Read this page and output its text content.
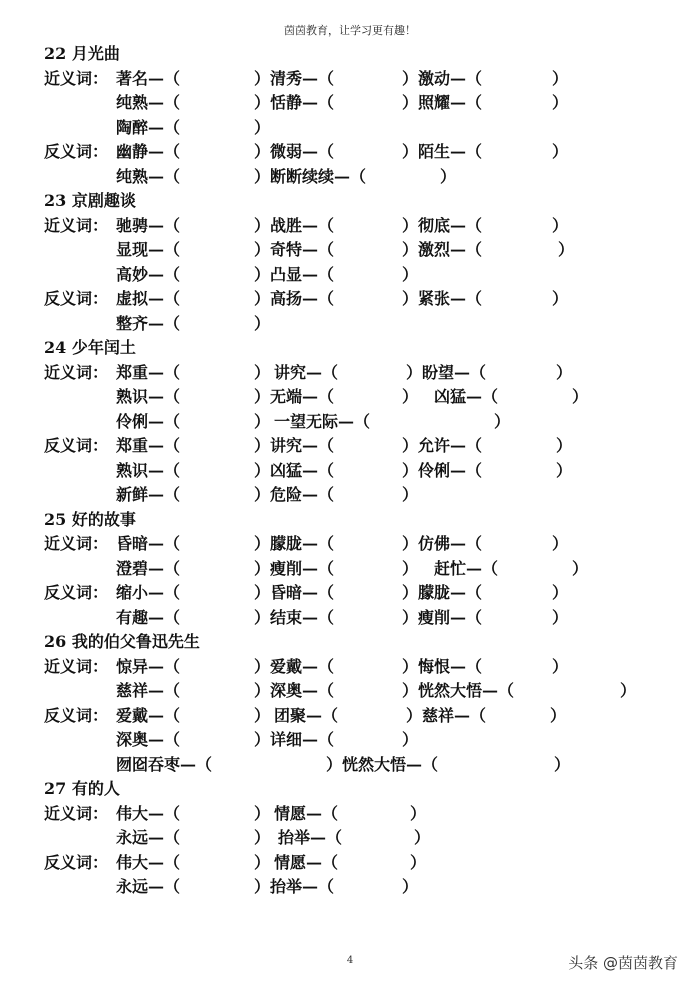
茵茵教育，让学习更有趣！
22 月光曲
近义词： 著名—（	） 清秀—（	） 激动—（	）
纯熟—（	） 恬静—（	） 照耀—（	）
陶醉—（	）
反义词： 幽静—（	） 微弱—（	） 陌生—（	）
纯熟—（	） 断断续续—（	）
23 京剧趣谈
近义词： 驰骋—（	） 战胜—（	） 彻底—（	）
显现—（	） 奇特—（	） 激烈—（	）
高妙—（	） 凸显—（	）
反义词： 虚拟—（	） 高扬—（	） 紧张—（	）
整齐—（	）
24 少年闰土
近义词： 郑重—（	） 讲究—（	） 盼望—（	）
熟识—（	） 无端—（	） 凶猛—（	）
伶俐—（	） 一望无际—（	）
反义词： 郑重—（	） 讲究—（	） 允许—（	）
熟识—（	） 凶猛—（	） 伶俐—（	）
新鲜—（	） 危险—（	）
25 好的故事
近义词： 昏暗—（	） 朦胧—（	） 仿佛—（	）
澄碧—（	） 瘦削—（	） 赶忙—（	）
反义词： 缩小—（	） 昏暗—（	） 朦胧—（	）
有趣—（	） 结束—（	） 瘦削—（	）
26 我的伯父鲁迅先生
近义词： 惊异—（	） 爱戴—（	） 悔恨—（	）
慈祥—（	） 深奥—（	） 恍然大悟—（	）
反义词： 爱戴—（	） 团聚—（	） 慈祥—（	）
深奥—（	） 详细—（	）
囫囵吞枣—（	） 恍然大悟—（	）
27 有的人
近义词： 伟大—（	） 情愿—（	）
永远—（	） 抬举—（	）
反义词： 伟大—（	） 情愿—（	）
永远—（	） 抬举—（	）
4	头条 @茵茵教育
